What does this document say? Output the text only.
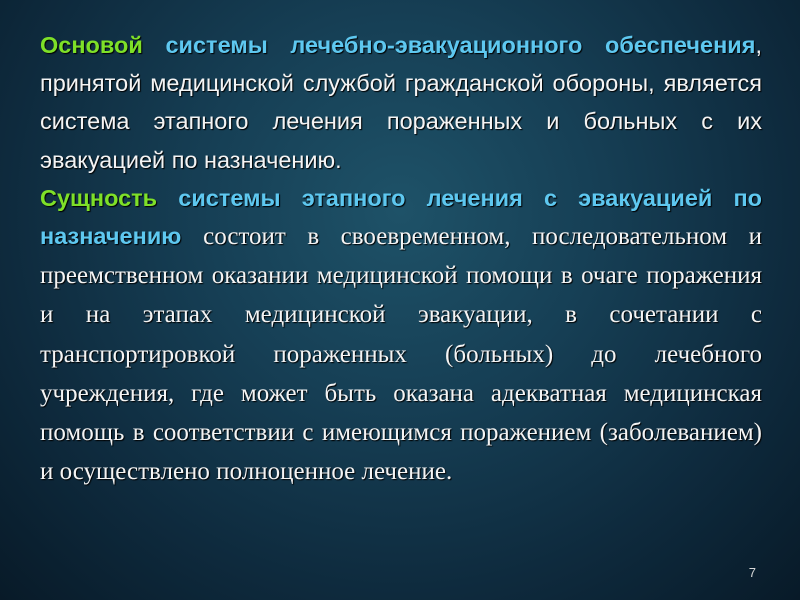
Основой системы лечебно-эвакуационного обеспечения, принятой медицинской службой гражданской обороны, является система этапного лечения пораженных и больных с их эвакуацией по назначению.

Сущность системы этапного лечения с эвакуацией по назначению состоит в своевременном, последовательном и преемственном оказании медицинской помощи в очаге поражения и на этапах медицинской эвакуации, в сочетании с транспортировкой пораженных (больных) до лечебного учреждения, где может быть оказана адекватная медицинская помощь в соответствии с имеющимся поражением (заболеванием) и осуществлено полноценное лечение.

7
